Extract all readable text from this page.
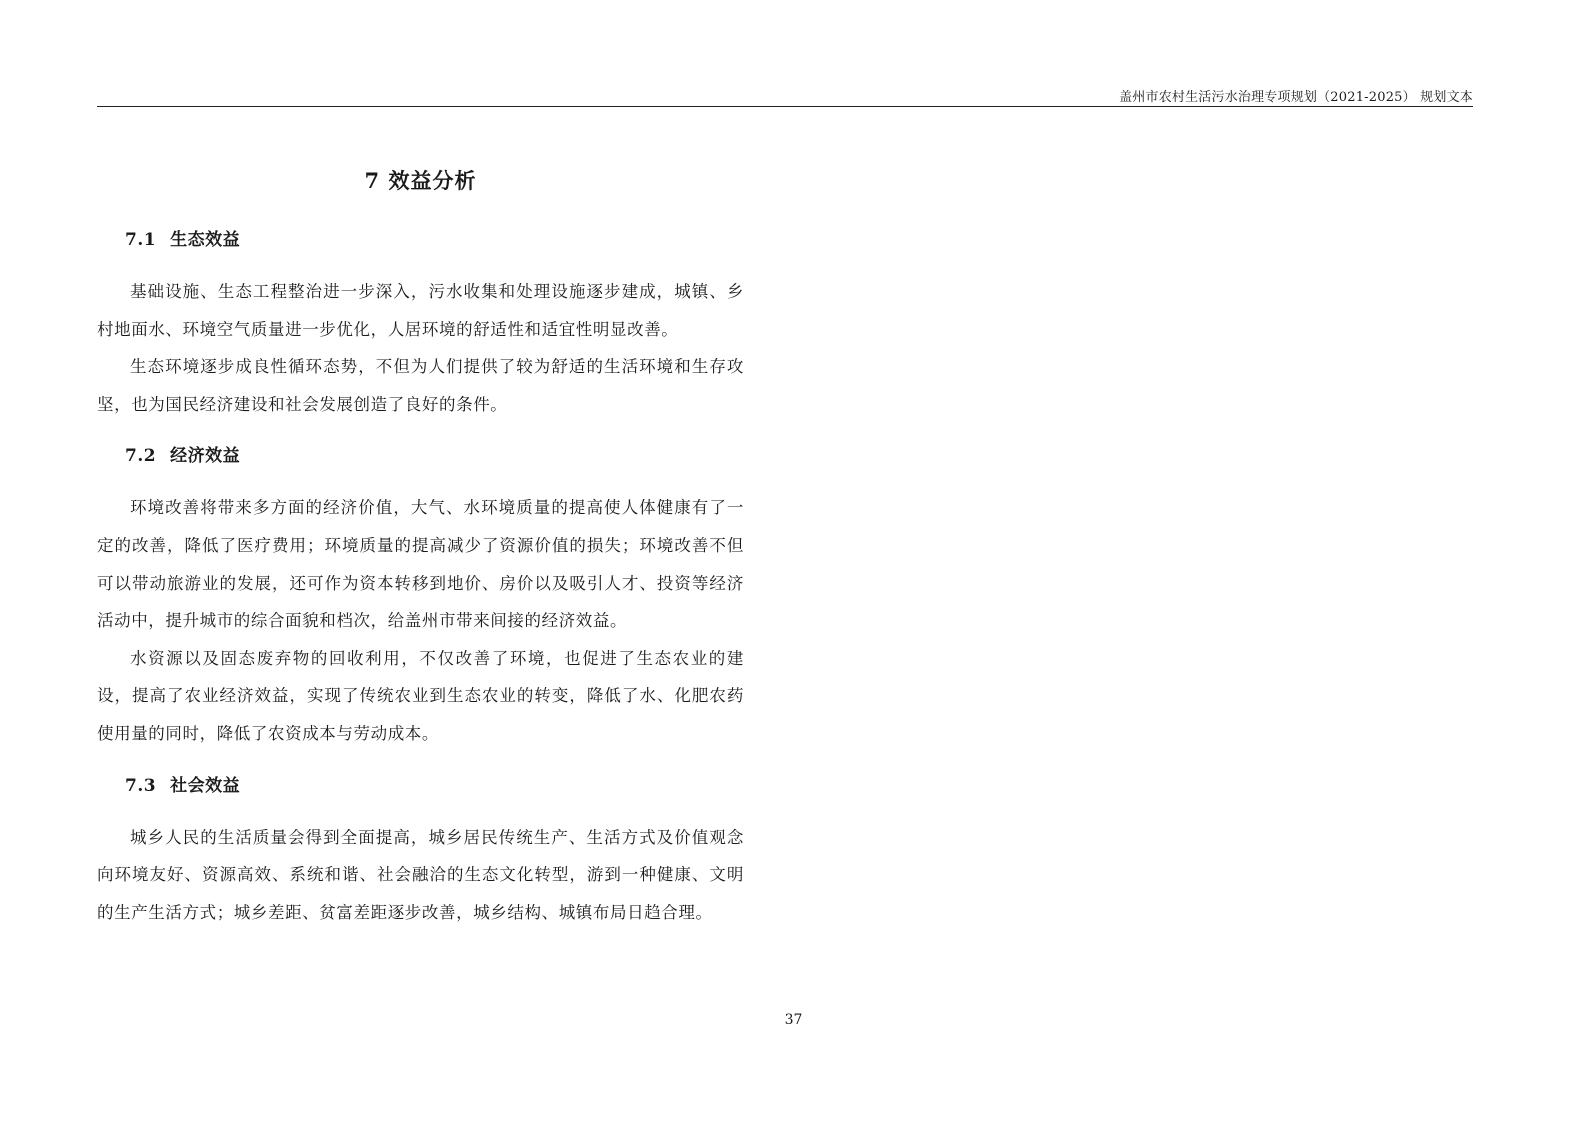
盖州市农村生活污水治理专项规划（2021-2025） 规划文本
7 效益分析
7.1 生态效益

基础设施、生态工程整治进一步深入，污水收集和处理设施逐步建成，城镇、乡村地面水、环境空气质量进一步优化，人居环境的舒适性和适宜性明显改善。

生态环境逐步成良性循环态势，不但为人们提供了较为舒适的生活环境和生存攻坚，也为国民经济建设和社会发展创造了良好的条件。

7.2 经济效益

环境改善将带来多方面的经济价值，大气、水环境质量的提高使人体健康有了一定的改善，降低了医疗费用；环境质量的提高减少了资源价值的损失；环境改善不但可以带动旅游业的发展，还可作为资本转移到地价、房价以及吸引人才、投资等经济活动中，提升城市的综合面貌和档次，给盖州市带来间接的经济效益。

水资源以及固态废弃物的回收利用，不仅改善了环境，也促进了生态农业的建设，提高了农业经济效益，实现了传统农业到生态农业的转变，降低了水、化肥农药使用量的同时，降低了农资成本与劳动成本。

7.3 社会效益

城乡人民的生活质量会得到全面提高，城乡居民传统生产、生活方式及价值观念向环境友好、资源高效、系统和谐、社会融洽的生态文化转型，游到一种健康、文明的生产生活方式；城乡差距、贫富差距逐步改善，城乡结构、城镇布局日趋合理。

37
